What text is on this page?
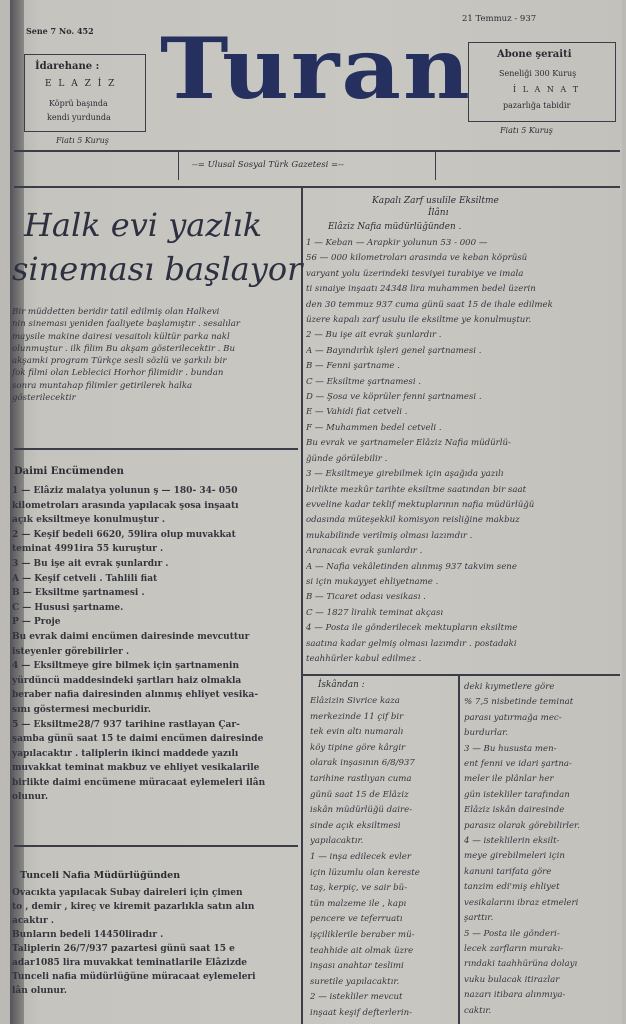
Sene 7 No. 452
21 Temmuz - 937
İdarehane :
E L A Z İ Z
Köprü başında
kendi yurdunda
Fiatı 5 Kuruş
Turan	Abone şeraiti
Seneliği 300 Kuruş
İ L A N A T
pazarlığa tabidir
Fiatı 5 Kuruş
--= Ulusal Sosyal Türk Gazetesi =--
Halk evi yazlık
sineması başlayor
Bir müddetten beridir tatil edilmiş olan Halkevi
nin sineması yeniden faaliyete başlamıştır . sesalılar
maysile makine dairesi vesaitolı kültür parka nakl
olunmuştur . ilk filim Bu akşam gösterilecektir . Bu
akşamki program Türkçe sesli sözlü ve şarkılı bir
fok filmi olan Leblecici Horhor filimidir . bundan
sonra muntahap filimler getirilerek halka
gösterilecektir
Daimi Encümenden
1 — Elâziz malatya yolunun ş — 180- 34- 050
kilometroları arasında yapılacak şosa inşaatı
açık eksiltmeye konulmuştur .
2 — Keşif bedeli 6620, 59lira olup muvakkat
teminat 4991ira 55 kuruştur .
3 — Bu işe ait evrak şunlardır .
A — Keşif cetveli . Tahlili fiat
B — Eksiltme şartnamesi .
C — Hususi şartname.
P — Proje
Bu evrak daimi encümen dairesinde mevcuttur
isteyenler görebilirler .
4 — Eksiltmeye gire bilmek için şartnamenin
yürdüncü maddesindeki şartları haiz olmakla
beraber nafia dairesinden alınmış ehliyet vesika-
sını göstermesi mecburidir.
5 — Eksiltme28/7 937 tarihine rastlayan Çar-
şamba günü saat 15 te daimi encümen dairesinde
yapılacaktır . taliplerin ikinci maddede yazılı
muvakkat teminat makbuz ve ehliyet vesikalarile
birlikte daimi encümene müracaat eylemeleri ilân
olunur.
Tunceli Nafia Müdürlüğünden
Ovacıkta yapılacak Subay daireleri için çimen
to , demir , kireç ve kiremit pazarlıkla satın alın
acaktır .
Bunların bedeli 14450liradır .
Taliplerin 26/7/937 pazartesi günü saat 15 e
adar1085 lira muvakkat teminatlarile Elâzizde
Tunceli nafia müdürlüğüne müracaat eylemeleri
lân olunur.
Kapalı Zarf usulile Eksiltme
İlânı
Elâziz Nafia müdürlüğünden .
1 — Keban — Arapkir yolunun 53 - 000 —
56 — 000 kilometroları arasında ve keban köprüsü
varyant yolu üzerindeki tesviyei turabiye ve imala
ti sınaiye inşaatı 24348 lira muhammen bedel üzerin
den 30 temmuz 937 cuma günü saat 15 de ihale edilmek
üzere kapalı zarf usulu ile eksiltme ye konulmuştur.
2 — Bu işe ait evrak şunlardır .
A — Bayındırlık işleri genel şartnamesi .
B — Fenni şartname .
C — Eksiltme şartnamesi .
D — Şosa ve köprüler fenni şartnamesi .
E — Vahidi fiat cetveli .
F — Muhammen bedel cetveli .
Bu evrak ve şartnameler Elâziz Nafia müdürlü-
ğünde görülebilir .
3 — Eksiltmeye girebilmek için aşağıda yazılı
birlikte mezkûr tarihte eksiltme saatından bir saat
evveline kadar teklif mektuplarının nafia müdürlüğü
odasında müteşekkil komisyon reisliğine makbuz
mukabilinde verilmiş olması lazımdır .
Aranacak evrak şunlardır .
A — Nafia vekâletinden alınmış 937 takvim sene
si için mukayyet ehliyetname .
B — Ticaret odası vesikası .
C — 1827 liralık teminat akçası
4 — Posta ile gönderilecek mektupların eksiltme
saatına kadar gelmiş olması lazımdır . postadaki
teahhürler kabul edilmez .
İskândan :
Elâzizin Sivrice kaza
merkezinde 11 çif bir
tek evin altı numaralı
köy tipine göre kârgir
olarak inşasının 6/8/937
tarihine rastlıyan cuma
günü saat 15 de Elâziz
iskân müdürlüğü daire-
sinde açık eksiltmesi
yapılacaktır.
1 — inşa edilecek evler
için lüzumlu olan kereste
taş, kerpiç, ve sair bü-
tün malzeme ile , kapı
pencere ve teferruatı
işçiliklerile beraber mü-
teahhide ait olmak üzre
inşası anahtar teslimi
suretile yapılacaktır.
2 — istekliler mevcut
inşaat keşif defterlerin-
deki kıymetlere göre
% 7,5 nisbetinde teminat
parası yatırmağa mec-
burdurlar.
3 — Bu hususta men-
ent fenni ve idari şartna-
meler ile plânlar her
gün istekliler tarafından
Elâziz iskân dairesinde
parasız olarak görebilirler.
4 — isteklilerin eksilt-
meye girebilmeleri için
kanuni tarifata göre
tanzim edi'miş ehliyet
vesikalarını ibraz etmeleri
şarttır.
5 — Posta ile gönderi-
lecek zarfların murakı-
rındaki taahhürüna dolayı
vuku bulacak itirazlar
nazarı itibara alınmıya-
caktır.
